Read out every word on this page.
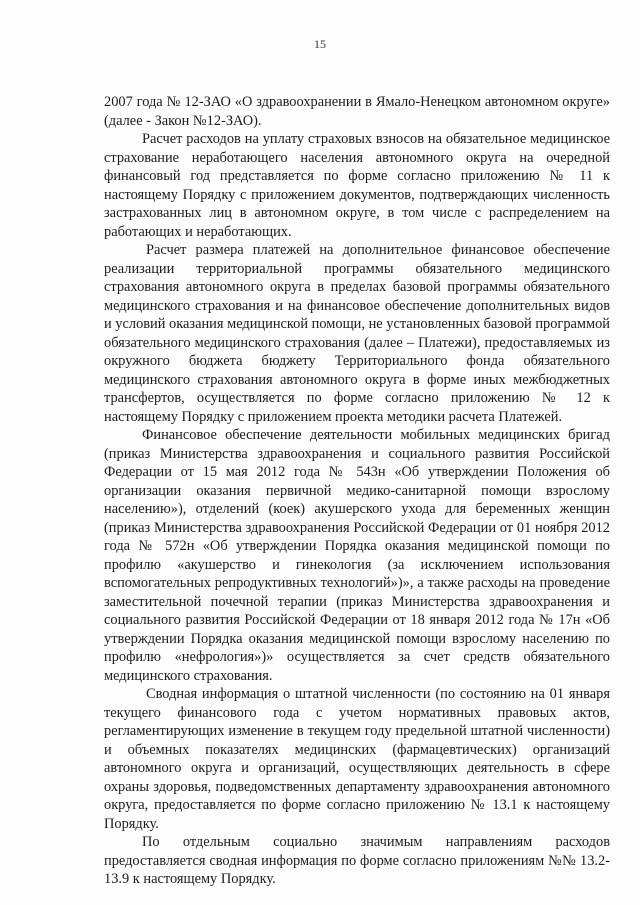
15

2007 года № 12-ЗАО «О здравоохранении в Ямало-Ненецком автономном округе» (далее - Закон №12-ЗАО).

Расчет расходов на уплату страховых взносов на обязательное медицинское страхование неработающего населения автономного округа на очередной финансовый год представляется по форме согласно приложению № 11 к настоящему Порядку с приложением документов, подтверждающих численность застрахованных лиц в автономном округе, в том числе с распределением на работающих и неработающих.

Расчет размера платежей на дополнительное финансовое обеспечение реализации территориальной программы обязательного медицинского страхования автономного округа в пределах базовой программы обязательного медицинского страхования и на финансовое обеспечение дополнительных видов и условий оказания медицинской помощи, не установленных базовой программой обязательного медицинского страхования (далее – Платежи), предоставляемых из окружного бюджета бюджету Территориального фонда обязательного медицинского страхования автономного округа в форме иных межбюджетных трансфертов, осуществляется по форме согласно приложению № 12 к настоящему Порядку с приложением проекта методики расчета Платежей.

Финансовое обеспечение деятельности мобильных медицинских бригад (приказ Министерства здравоохранения и социального развития Российской Федерации от 15 мая 2012 года № 543н «Об утверждении Положения об организации оказания первичной медико-санитарной помощи взрослому населению»), отделений (коек) акушерского ухода для беременных женщин (приказ Министерства здравоохранения Российской Федерации от 01 ноября 2012 года № 572н «Об утверждении Порядка оказания медицинской помощи по профилю «акушерство и гинекология (за исключением использования вспомогательных репродуктивных технологий»)», а также расходы на проведение заместительной почечной терапии (приказ Министерства здравоохранения и социального развития Российской Федерации от 18 января 2012 года № 17н «Об утверждении Порядка оказания медицинской помощи взрослому населению по профилю «нефрология»)» осуществляется за счет средств обязательного медицинского страхования.

Сводная информация о штатной численности (по состоянию на 01 января текущего финансового года с учетом нормативных правовых актов, регламентирующих изменение в текущем году предельной штатной численности) и объемных показателях медицинских (фармацевтических) организаций автономного округа и организаций, осуществляющих деятельность в сфере охраны здоровья, подведомственных департаменту здравоохранения автономного округа, предоставляется по форме согласно приложению № 13.1 к настоящему Порядку.

По отдельным социально значимым направлениям расходов предоставляется сводная информация по форме согласно приложениям №№ 13.2-13.9 к настоящему Порядку.
